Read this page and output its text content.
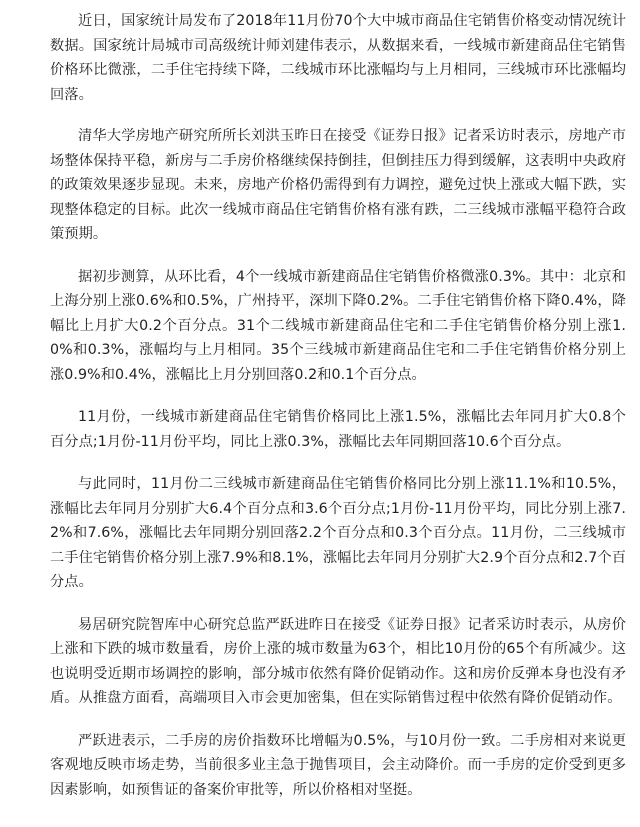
近日，国家统计局发布了2018年11月份70个大中城市商品住宅销售价格变动情况统计数据。国家统计局城市司高级统计师刘建伟表示，从数据来看，一线城市新建商品住宅销售价格环比微涨，二手住宅持续下降，二线城市环比涨幅均与上月相同，三线城市环比涨幅均回落。

清华大学房地产研究所所长刘洪玉昨日在接受《证券日报》记者采访时表示，房地产市场整体保持平稳，新房与二手房价格继续保持倒挂，但倒挂压力得到缓解，这表明中央政府的政策效果逐步显现。未来，房地产价格仍需得到有力调控，避免过快上涨或大幅下跌，实现整体稳定的目标。此次一线城市商品住宅销售价格有涨有跌，二三线城市涨幅平稳符合政策预期。

据初步测算，从环比看，4个一线城市新建商品住宅销售价格微涨0.3%。其中：北京和上海分别上涨0.6%和0.5%，广州持平，深圳下降0.2%。二手住宅销售价格下降0.4%，降幅比上月扩大0.2个百分点。31个二线城市新建商品住宅和二手住宅销售价格分别上涨1.0%和0.3%，涨幅均与上月相同。35个三线城市新建商品住宅和二手住宅销售价格分别上涨0.9%和0.4%，涨幅比上月分别回落0.2和0.1个百分点。

11月份，一线城市新建商品住宅销售价格同比上涨1.5%，涨幅比去年同月扩大0.8个百分点;1月份-11月份平均，同比上涨0.3%，涨幅比去年同期回落10.6个百分点。

与此同时，11月份二三线城市新建商品住宅销售价格同比分别上涨11.1%和10.5%，涨幅比去年同月分别扩大6.4个百分点和3.6个百分点;1月份-11月份平均，同比分别上涨7.2%和7.6%，涨幅比去年同期分别回落2.2个百分点和0.3个百分点。11月份，二三线城市二手住宅销售价格分别上涨7.9%和8.1%，涨幅比去年同月分别扩大2.9个百分点和2.7个百分点。

易居研究院智库中心研究总监严跃进昨日在接受《证券日报》记者采访时表示，从房价上涨和下跌的城市数量看，房价上涨的城市数量为63个，相比10月份的65个有所减少。这也说明受近期市场调控的影响，部分城市依然有降价促销动作。这和房价反弹本身也没有矛盾。从推盘方面看，高端项目入市会更加密集，但在实际销售过程中依然有降价促销动作。

严跃进表示，二手房的房价指数环比增幅为0.5%，与10月份一致。二手房相对来说更客观地反映市场走势，当前很多业主急于抛售项目，会主动降价。而一手房的定价受到更多因素影响，如预售证的备案价审批等，所以价格相对坚挺。
